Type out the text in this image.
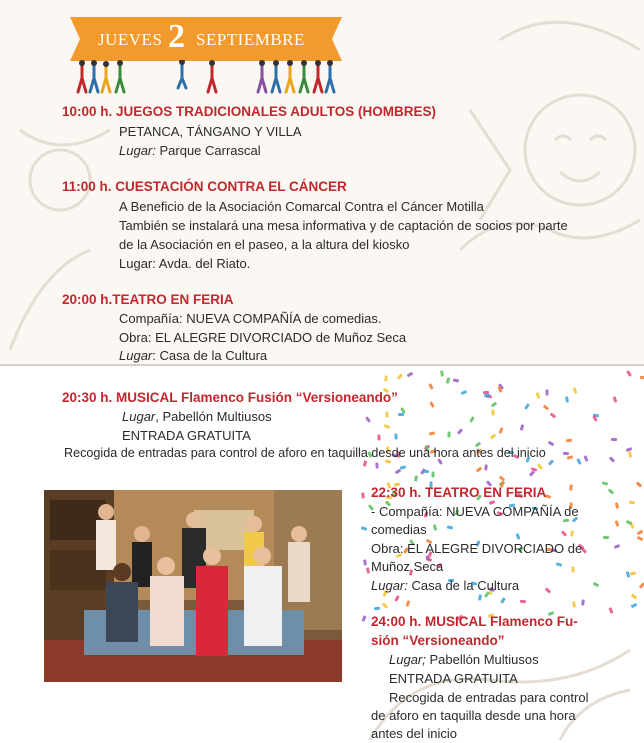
JUEVES 2 SEPTIEMBRE
10:00 h. JUEGOS TRADICIONALES ADULTOS (HOMBRES)
PETANCA, TÁNGANO Y VILLA
Lugar: Parque Carrascal
11:00 h. CUESTACIÓN CONTRA EL CÁNCER
A Beneficio de la Asociación Comarcal Contra el Cáncer Motilla
También se instalará una mesa informativa y de captación de socios por parte
de la Asociación en el paseo, a la altura del kiosko
Lugar: Avda. del Riato.
20:00 h.TEATRO EN FERIA
Compañía: NUEVA COMPAÑÍA de comedias.
Obra: EL ALEGRE DIVORCIADO de Muñoz Seca
Lugar: Casa de la Cultura
20:30 h. MUSICAL Flamenco Fusión “Versioneando”
Lugar, Pabellón Multiusos
ENTRADA GRATUITA
Recogida de entradas para control de aforo en taquilla desde una hora antes del inicio
22:30 h. TEATRO EN FERIA
- Compañía: NUEVA COMPAÑÍA de
comedias
Obra: EL ALEGRE DIVORCIADO de
Muñoz Seca
Lugar: Casa de la Cultura
24:00 h. MUSICAL Flamenco Fu-
sión “Versioneando”
Lugar; Pabellón Multiusos
ENTRADA GRATUITA
Recogida de entradas para control
de aforo en taquilla desde una hora
antes del inicio
